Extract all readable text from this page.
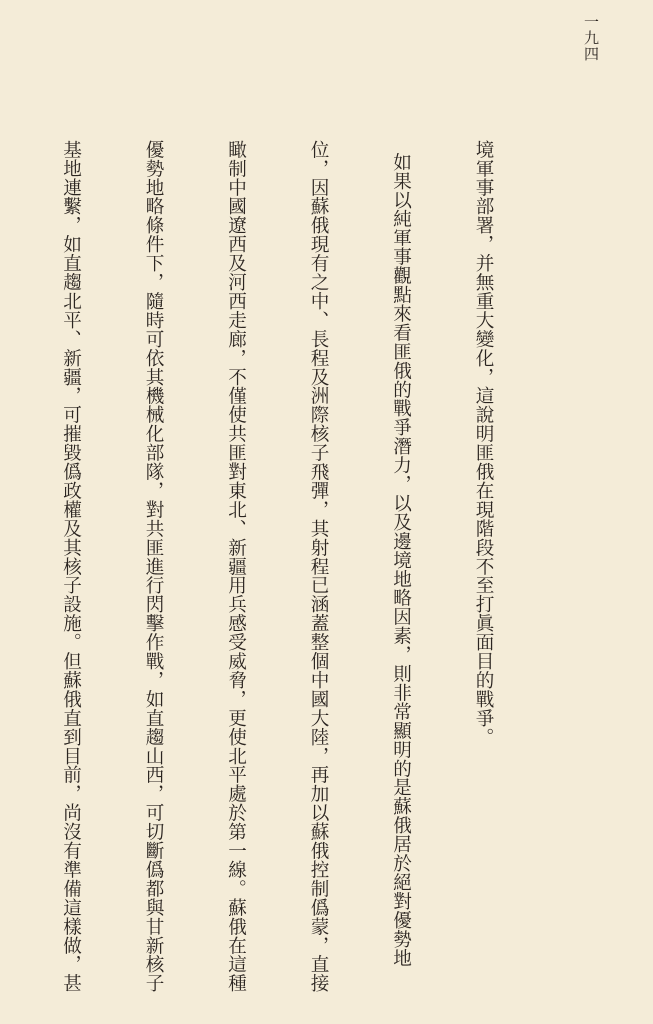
一九四

境軍事部署，并無重大變化，這說明匪俄在現階段不至打眞面目的戰爭。

如果以純軍事觀點來看匪俄的戰爭潛力，以及邊境地略因素，則非常顯明的是蘇俄居於絕對優勢地

位，因蘇俄現有之中、長程及洲際核子飛彈，其射程已涵蓋整個中國大陸，再加以蘇俄控制僞蒙，直接

瞰制中國遼西及河西走廊，不僅使共匪對東北、新疆用兵感受威脅，更使北平處於第一線。蘇俄在這種

優勢地略條件下，隨時可依其機械化部隊，對共匪進行閃擊作戰，如直趨山西，可切斷僞都與甘新核子

基地連繫，如直趨北平、新疆，可摧毀僞政權及其核子設施。但蘇俄直到目前，尚沒有準備這樣做，甚
